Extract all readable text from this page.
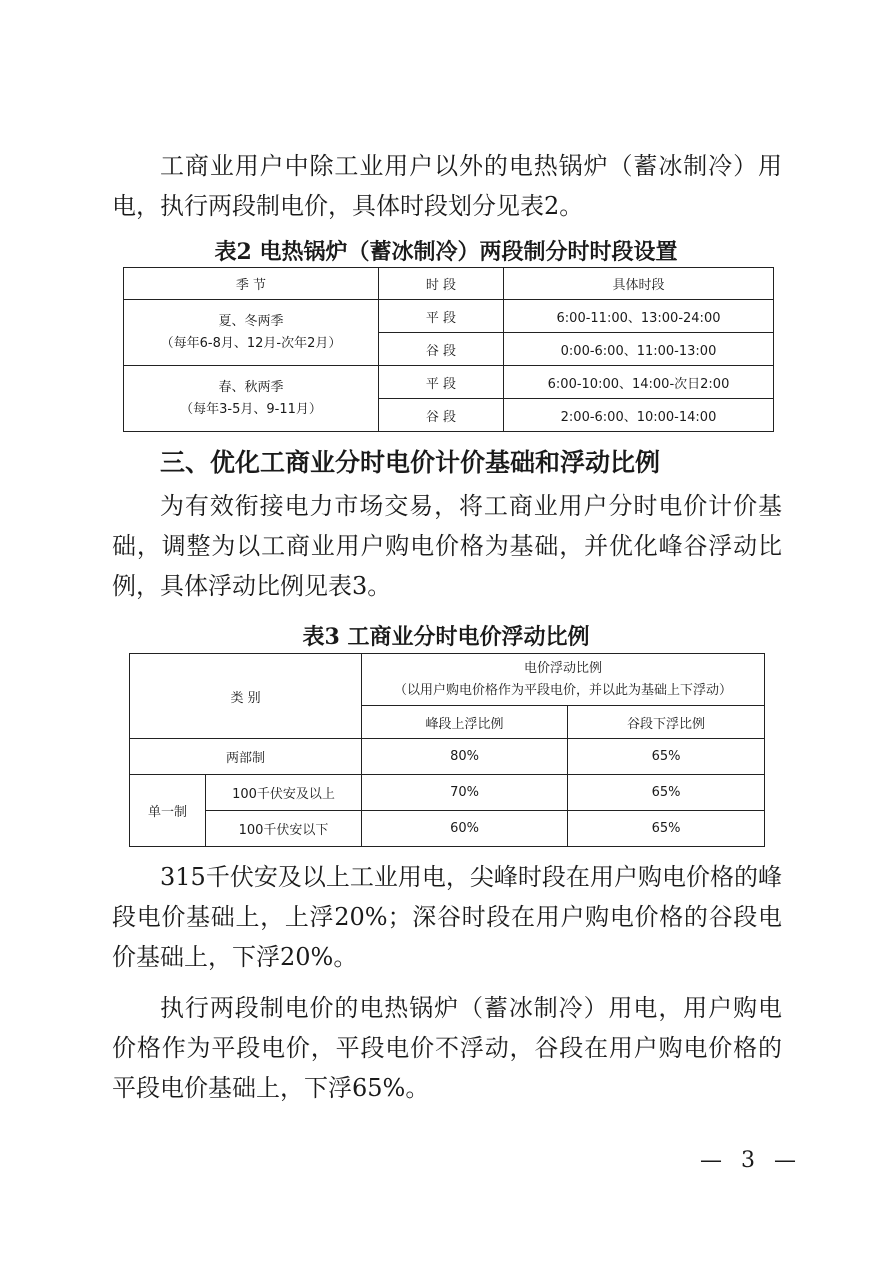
工商业用户中除工业用户以外的电热锅炉（蓄冰制冷）用电，执行两段制电价，具体时段划分见表2。

表2 电热锅炉（蓄冰制冷）两段制分时时段设置

季 节	时 段	具体时段

夏、冬两季
（每年6-8月、12月-次年2月）	平 段	6:00-11:00、13:00-24:00
	谷 段	0:00-6:00、11:00-13:00

春、秋两季
（每年3-5月、9-11月）	平 段	6:00-10:00、14:00-次日2:00
	谷 段	2:00-6:00、10:00-14:00

三、优化工商业分时电价计价基础和浮动比例

为有效衔接电力市场交易，将工商业用户分时电价计价基础，调整为以工商业用户购电价格为基础，并优化峰谷浮动比例，具体浮动比例见表3。

表3 工商业分时电价浮动比例

类 别		电价浮动比例
（以用户购电价格作为平段电价，并以此为基础上下浮动）	

		峰段上浮比例	谷段下浮比例
两部制		80%	65%
单一制	100千伏安及以上	70%	65%
	100千伏安以下	60%	65%

315千伏安及以上工业用电，尖峰时段在用户购电价格的峰段电价基础上，上浮20%；深谷时段在用户购电价格的谷段电价基础上，下浮20%。

执行两段制电价的电热锅炉（蓄冰制冷）用电，用户购电价格作为平段电价，平段电价不浮动，谷段在用户购电价格的平段电价基础上，下浮65%。

— 3 —
